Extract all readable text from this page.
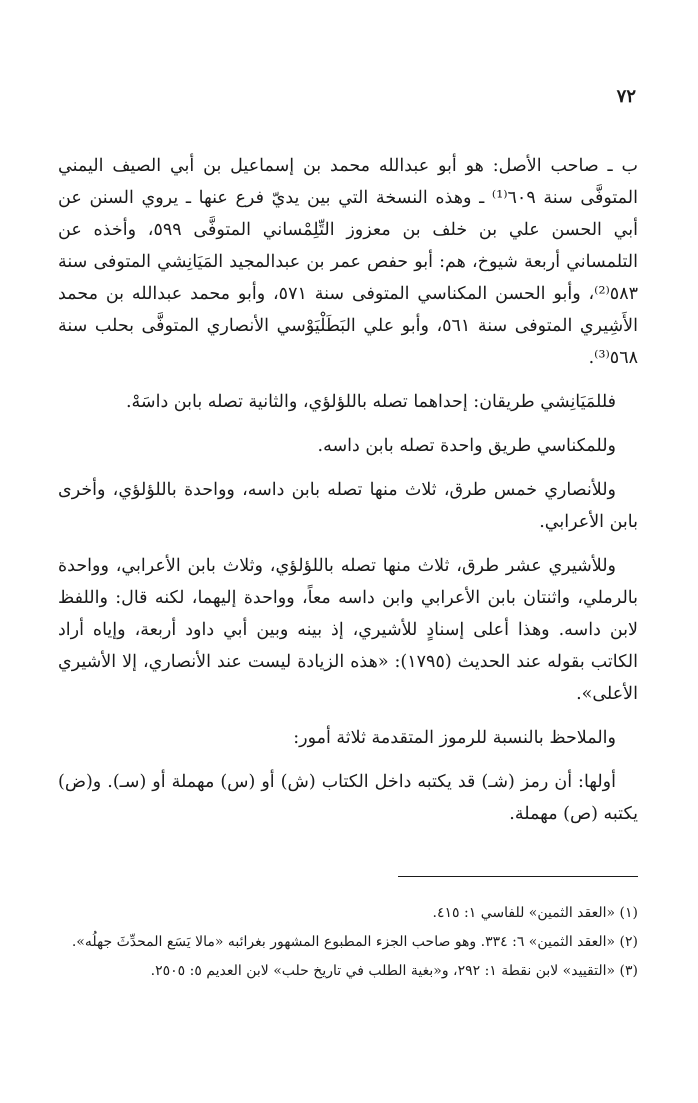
٧٢

ب ـ صاحب الأصل: هو أبو عبدالله محمد بن إسماعيل بن أبي الصيف اليمني المتوفَّى سنة ٦٠٩⁽¹⁾ ـ وهذه النسخة التي بين يديّ فرع عنها ـ يروي السنن عن أبي الحسن علي بن خلف بن معزوز التِّلِمْساني المتوفَّى ٥٩٩، وأخذه عن التلمساني أربعة شيوخ، هم: أبو حفص عمر بن عبدالمجيد المَيَانِشي المتوفى سنة ٥٨٣⁽²⁾، وأبو الحسن المكناسي المتوفى سنة ٥٧١، وأبو محمد عبدالله بن محمد الأَشِيري المتوفى سنة ٥٦١، وأبو علي البَطَلْيَوْسي الأنصاري المتوفَّى بحلب سنة ٥٦٨⁽³⁾.

فللمَيَانِشي طريقان: إحداهما تصله باللؤلؤي، والثانية تصله بابن داسَهْ.

وللمكناسي طريق واحدة تصله بابن داسه.

وللأنصاري خمس طرق، ثلاث منها تصله بابن داسه، وواحدة باللؤلؤي، وأخرى بابن الأعرابي.

وللأشيري عشر طرق، ثلاث منها تصله باللؤلؤي، وثلاث بابن الأعرابي، وواحدة بالرملي، واثنتان بابن الأعرابي وابن داسه معاً، وواحدة إليهما، لكنه قال: واللفظ لابن داسه. وهذا أعلى إسنادٍ للأشيري، إذ بينه وبين أبي داود أربعة، وإياه أراد الكاتب بقوله عند الحديث (١٧٩٥): «هذه الزيادة ليست عند الأنصاري، إلا الأشيري الأعلى».

والملاحظ بالنسبة للرموز المتقدمة ثلاثة أمور:

أولها: أن رمز (شـ) قد يكتبه داخل الكتاب (ش) أو (س) مهملة أو (سـ). و(ض) يكتبه (ص) مهملة.

(١) «العقد الثمين» للفاسي ١: ٤١٥.

(٢) «العقد الثمين» ٦: ٣٣٤. وهو صاحب الجزء المطبوع المشهور بغرائبه «مالا يَسَع المحدِّثَ جهلُه».

(٣) «التقييد» لابن نقطة ١: ٢٩٢، و«بغية الطلب في تاريخ حلب» لابن العديم ٥: ٢٥٠٥.
